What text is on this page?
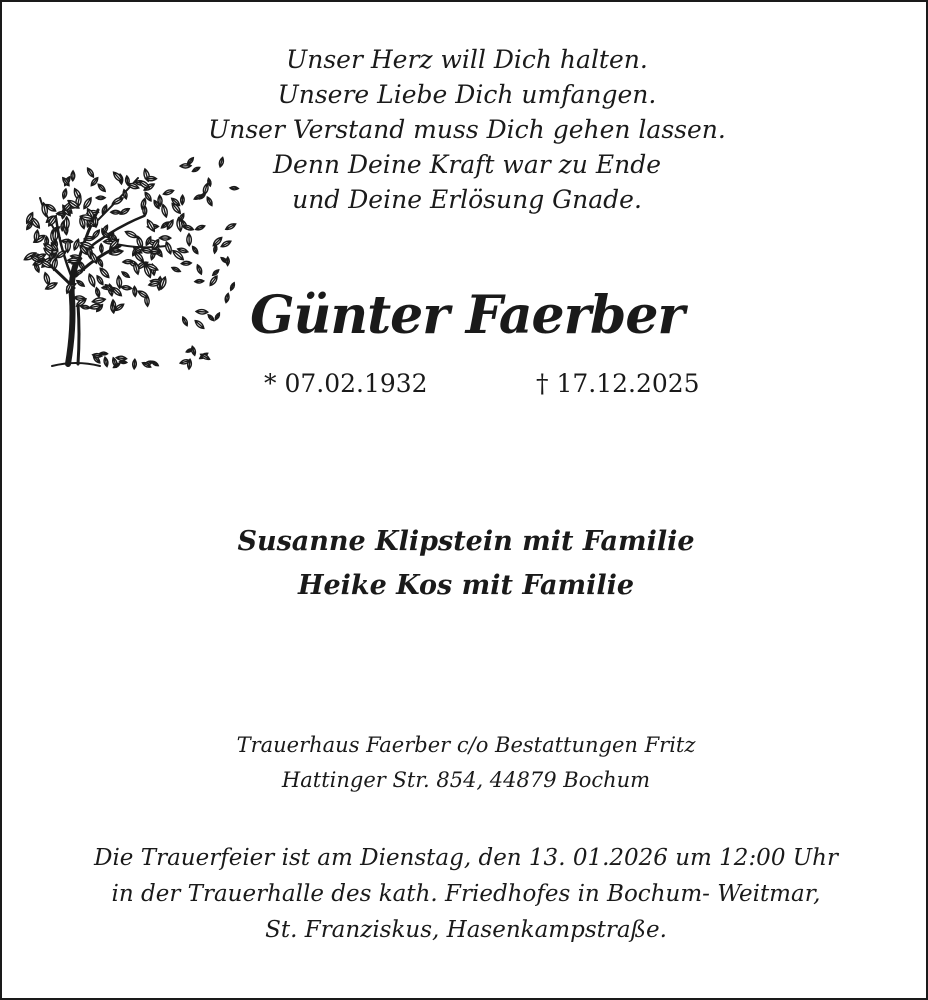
Unser Herz will Dich halten.
Unsere Liebe Dich umfangen.
Unser Verstand muss Dich gehen lassen.
Denn Deine Kraft war zu Ende
und Deine Erlösung Gnade.
Günter Faerber
* 07.02.1932	† 17.12.2025
Susanne Klipstein mit Familie
Heike Kos mit Familie
Trauerhaus Faerber c/o Bestattungen Fritz
Hattinger Str. 854, 44879 Bochum
Die Trauerfeier ist am Dienstag, den 13. 01.2026 um 12:00 Uhr
in der Trauerhalle des kath. Friedhofes in Bochum- Weitmar,
St. Franziskus, Hasenkampstraße.
